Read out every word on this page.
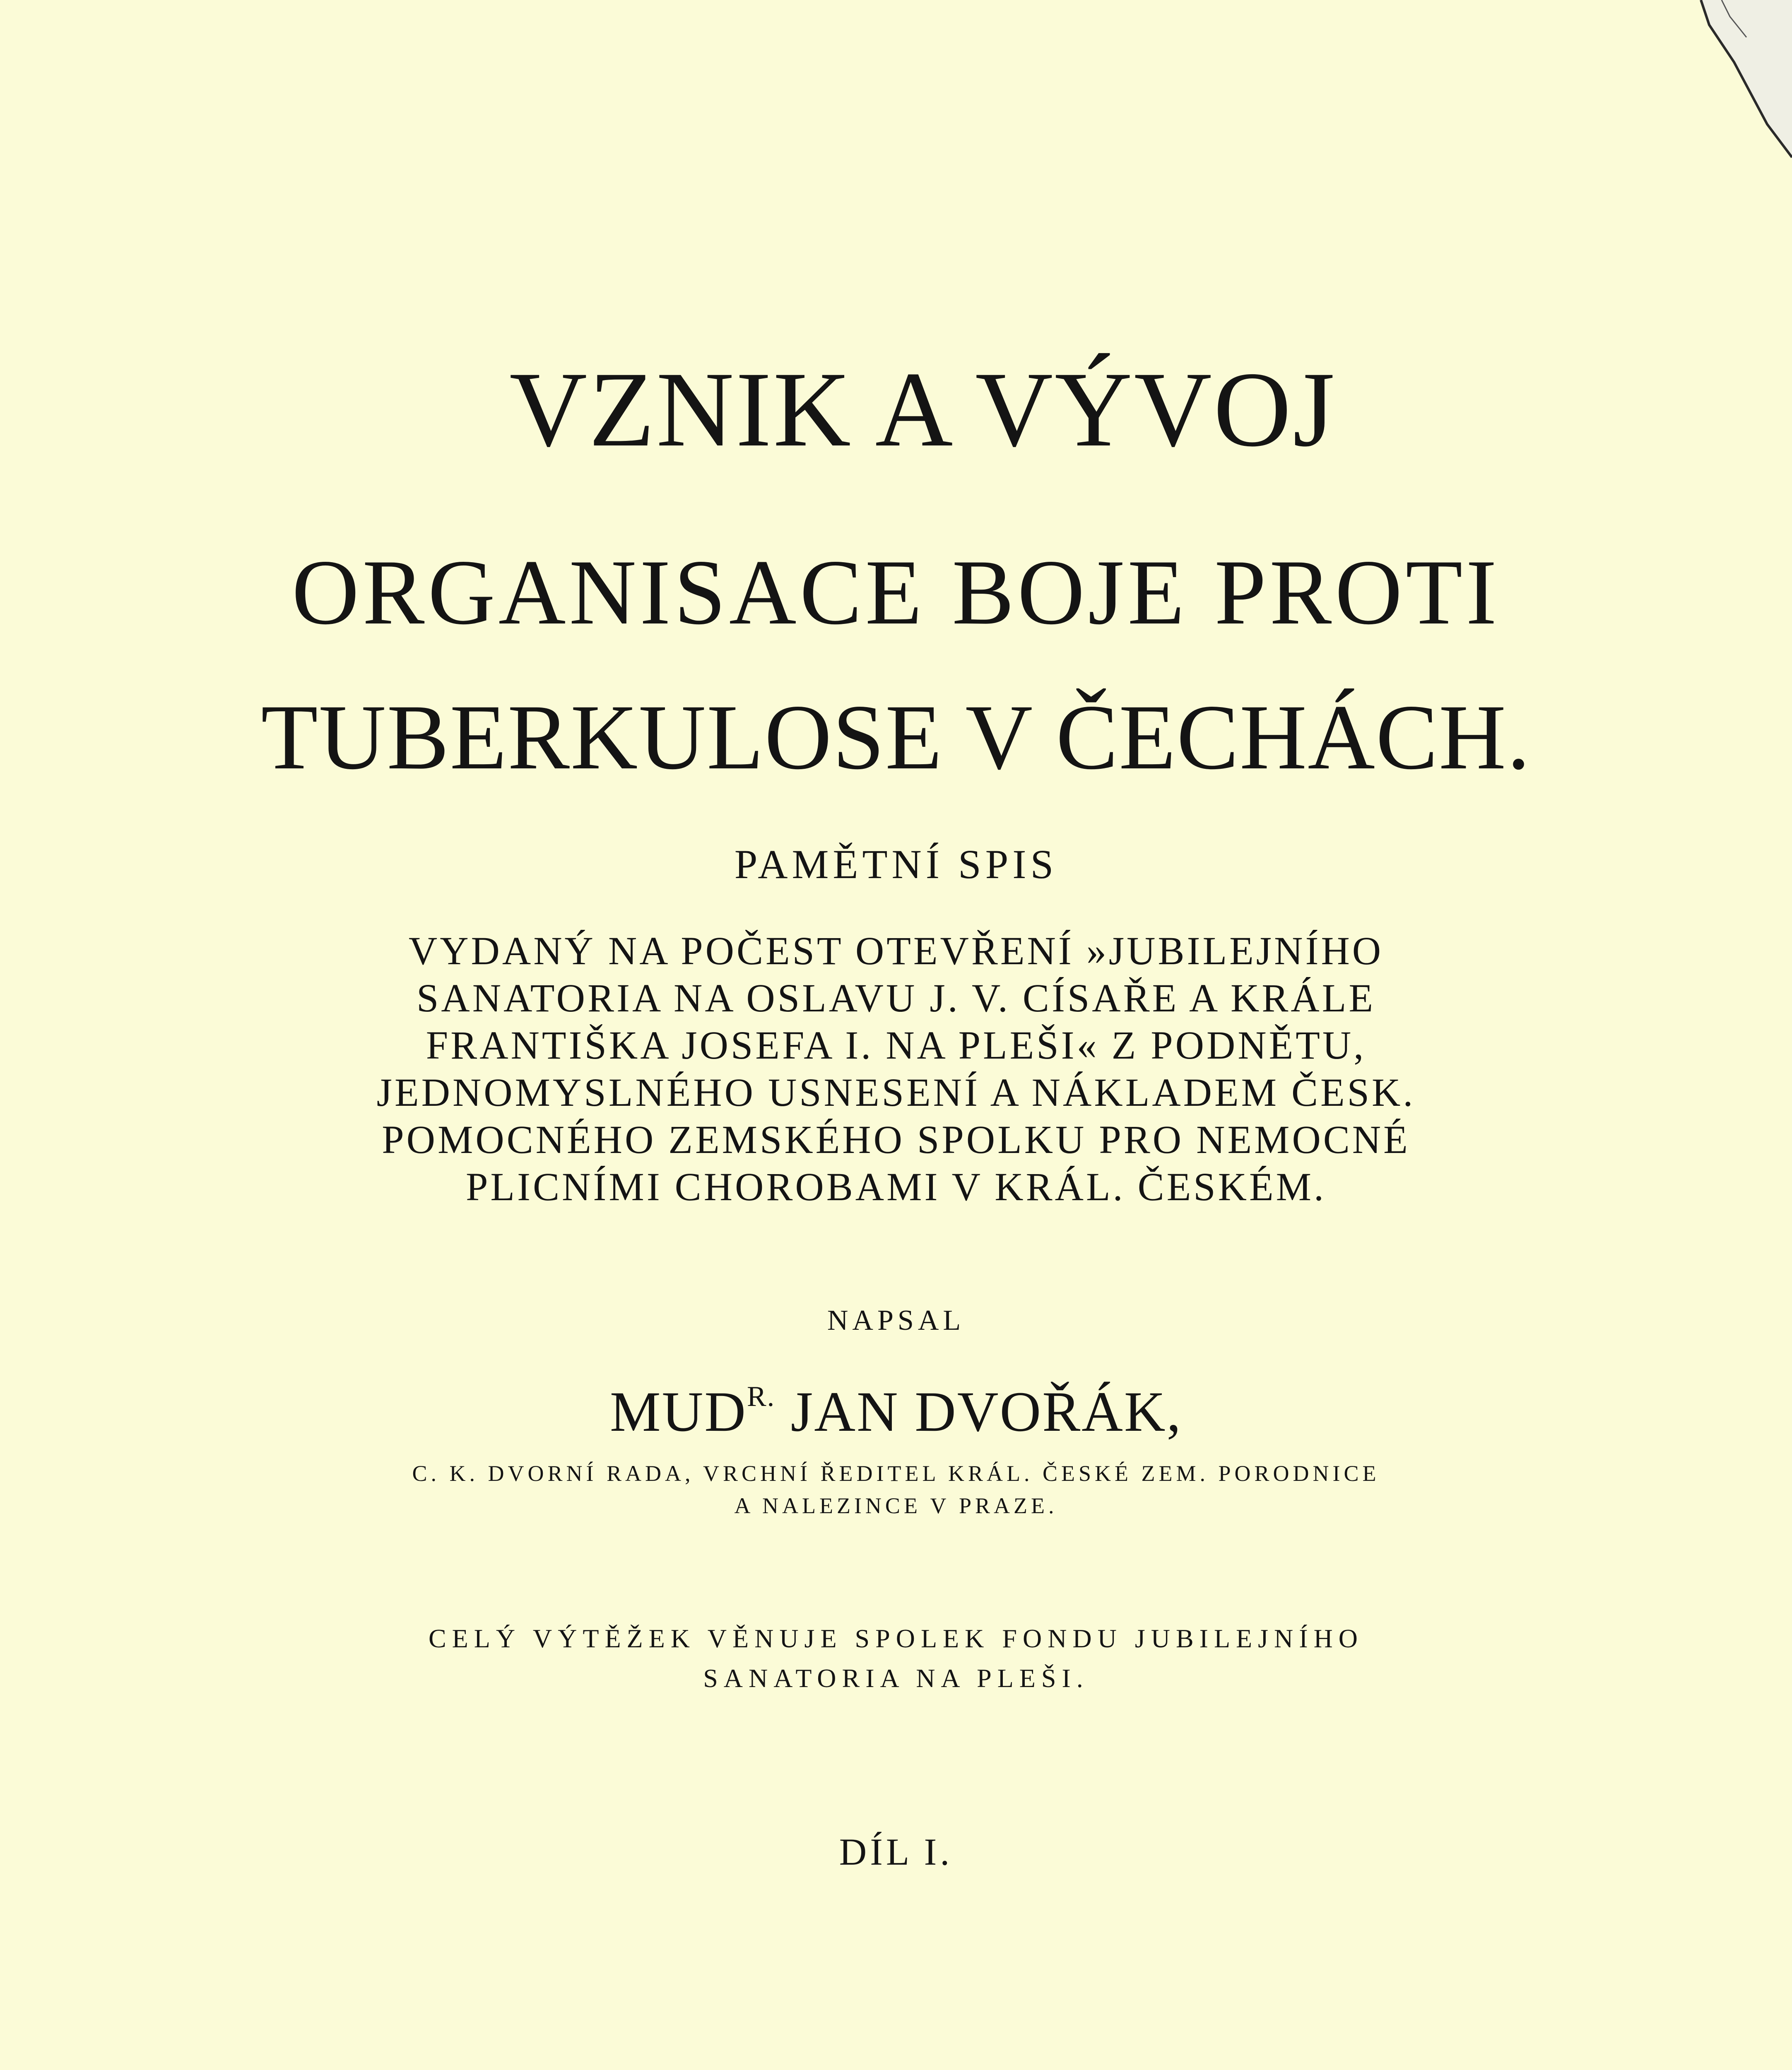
VZNIK A VÝVOJ
ORGANISACE BOJE PROTI
TUBERKULOSE V ČECHÁCH.
PAMĚTNÍ SPIS
VYDANÝ NA POČEST OTEVŘENÍ »JUBILEJNÍHO
SANATORIA NA OSLAVU J. V. CÍSAŘE A KRÁLE
FRANTIŠKA JOSEFA I. NA PLEŠI« Z PODNĚTU,
JEDNOMYSLNÉHO USNESENÍ A NÁKLADEM ČESK.
POMOCNÉHO ZEMSKÉHO SPOLKU PRO NEMOCNÉ
PLICNÍMI CHOROBAMI V KRÁL. ČESKÉM.
NAPSAL
$MUD^{R.}$ JAN DVOŘÁK,
C. K. DVORNÍ RADA, VRCHNÍ ŘEDITEL KRÁL. ČESKÉ ZEM. PORODNICE
A NALEZINCE V PRAZE.
CELÝ VÝTĚŽEK VĚNUJE SPOLEK FONDU JUBILEJNÍHO
SANATORIA NA PLEŠI.
DÍL I.
